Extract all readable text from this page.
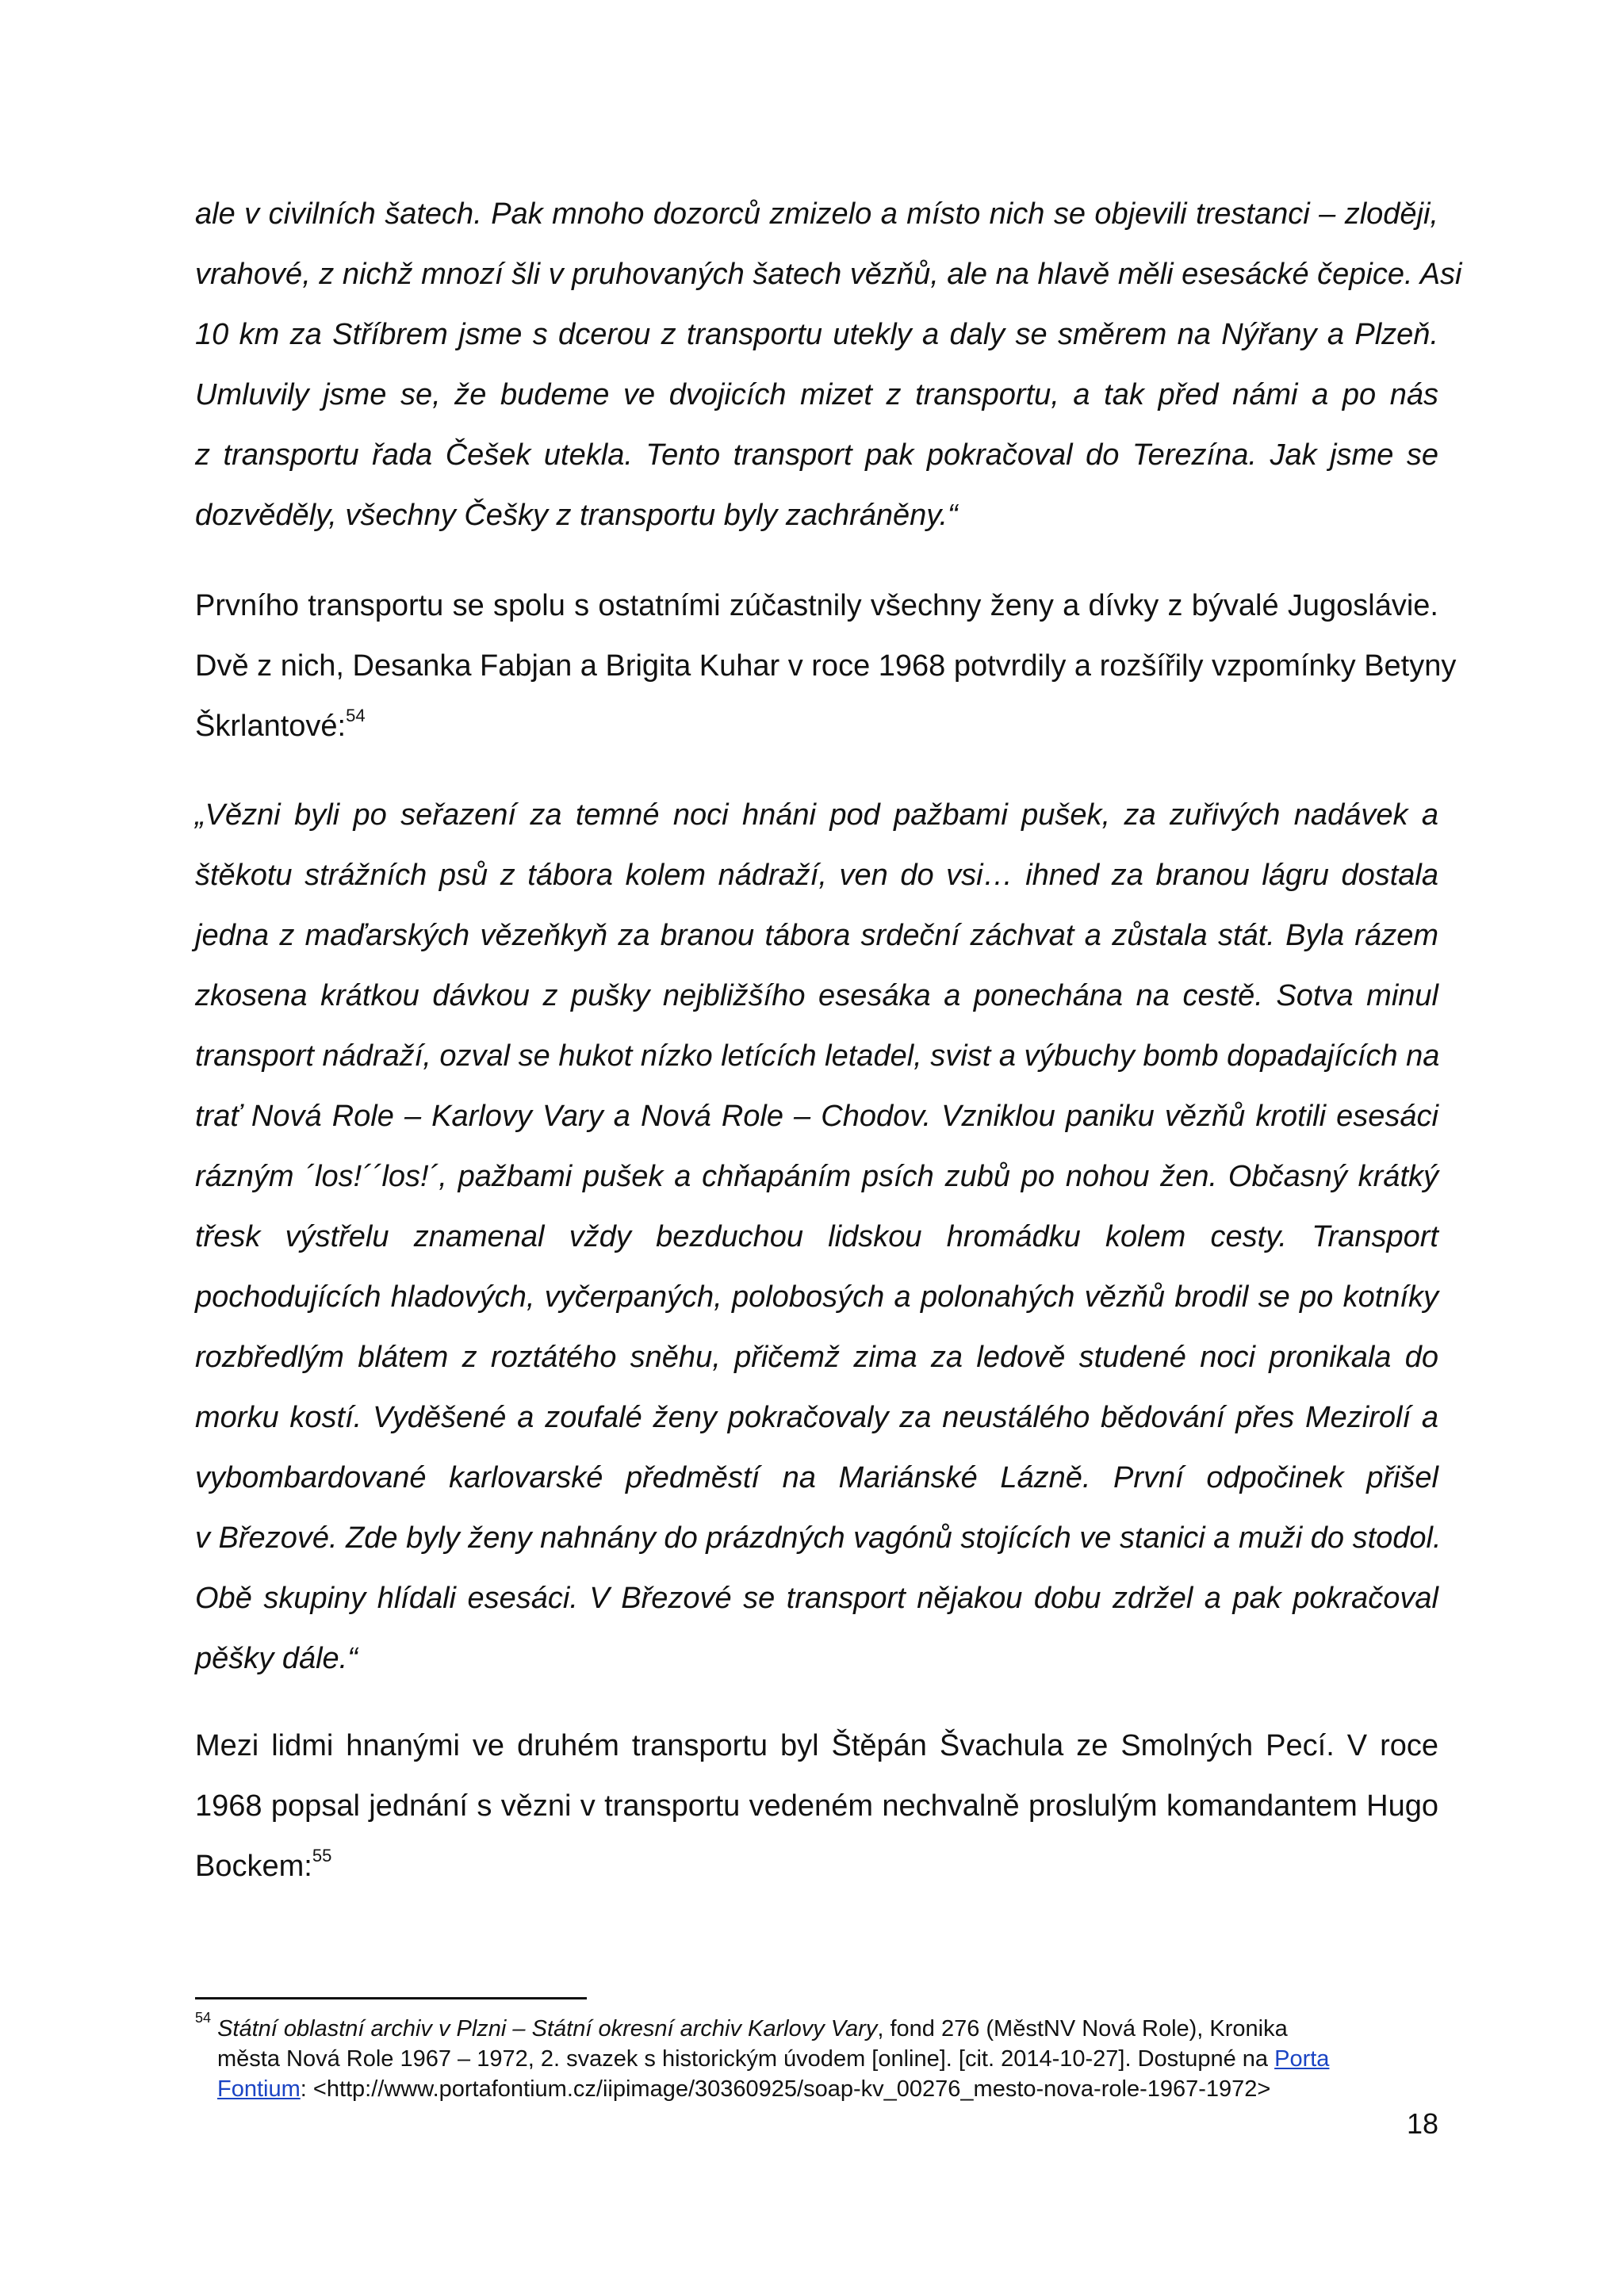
ale v civilních šatech. Pak mnoho dozorců zmizelo a místo nich se objevili trestanci – zloději,
vrahové, z nichž mnozí šli v pruhovaných šatech vězňů, ale na hlavě měli esesácké čepice. Asi
10 km za Stříbrem jsme s dcerou z transportu utekly a daly se směrem na Nýřany a Plzeň.
Umluvily jsme se, že budeme ve dvojicích mizet z transportu, a tak před námi a po nás
z transportu řada Češek utekla. Tento transport pak pokračoval do Terezína. Jak jsme se
dozvěděly, všechny Češky z transportu byly zachráněny.“

Prvního transportu se spolu s ostatními zúčastnily všechny ženy a dívky z bývalé Jugoslávie.
Dvě z nich, Desanka Fabjan a Brigita Kuhar v roce 1968 potvrdily a rozšířily vzpomínky Betyny
Škrlantové:$^{54}$

„Vězni byli po seřazení za temné noci hnáni pod pažbami pušek, za zuřivých nadávek a
štěkotu strážních psů z tábora kolem nádraží, ven do vsi… ihned za branou lágru dostala
jedna z maďarských vězeňkyň za branou tábora srdeční záchvat a zůstala stát. Byla rázem
zkosena krátkou dávkou z pušky nejbližšího esesáka a ponechána na cestě. Sotva minul
transport nádraží, ozval se hukot nízko letících letadel, svist a výbuchy bomb dopadajících na
trať Nová Role – Karlovy Vary a Nová Role – Chodov. Vzniklou paniku vězňů krotili esesáci
rázným ´los!´´los!´, pažbami pušek a chňapáním psích zubů po nohou žen. Občasný krátký
třesk výstřelu znamenal vždy bezduchou lidskou hromádku kolem cesty. Transport
pochodujících hladových, vyčerpaných, polobosých a polonahých vězňů brodil se po kotníky
rozbředlým blátem z roztátého sněhu, přičemž zima za ledově studené noci pronikala do
morku kostí. Vyděšené a zoufalé ženy pokračovaly za neustálého bědování přes Mezirolí a
vybombardované karlovarské předměstí na Mariánské Lázně. První odpočinek přišel
v Březové. Zde byly ženy nahnány do prázdných vagónů stojících ve stanici a muži do stodol.
Obě skupiny hlídali esesáci. V Březové se transport nějakou dobu zdržel a pak pokračoval
pěšky dále.“

Mezi lidmi hnanými ve druhém transportu byl Štěpán Švachula ze Smolných Pecí. V roce
1968 popsal jednání s vězni v transportu vedeném nechvalně proslulým komandantem Hugo
Bockem:$^{55}$

$^{54}$ Státní oblastní archiv v Plzni – Státní okresní archiv Karlovy Vary, fond 276 (MěstNV Nová Role), Kronika
města Nová Role 1967 – 1972, 2. svazek s historickým úvodem [online]. [cit. 2014-10-27]. Dostupné na Porta
Fontium: <http://www.portafontium.cz/iipimage/30360925/soap-kv_00276_mesto-nova-role-1967-1972>
18
